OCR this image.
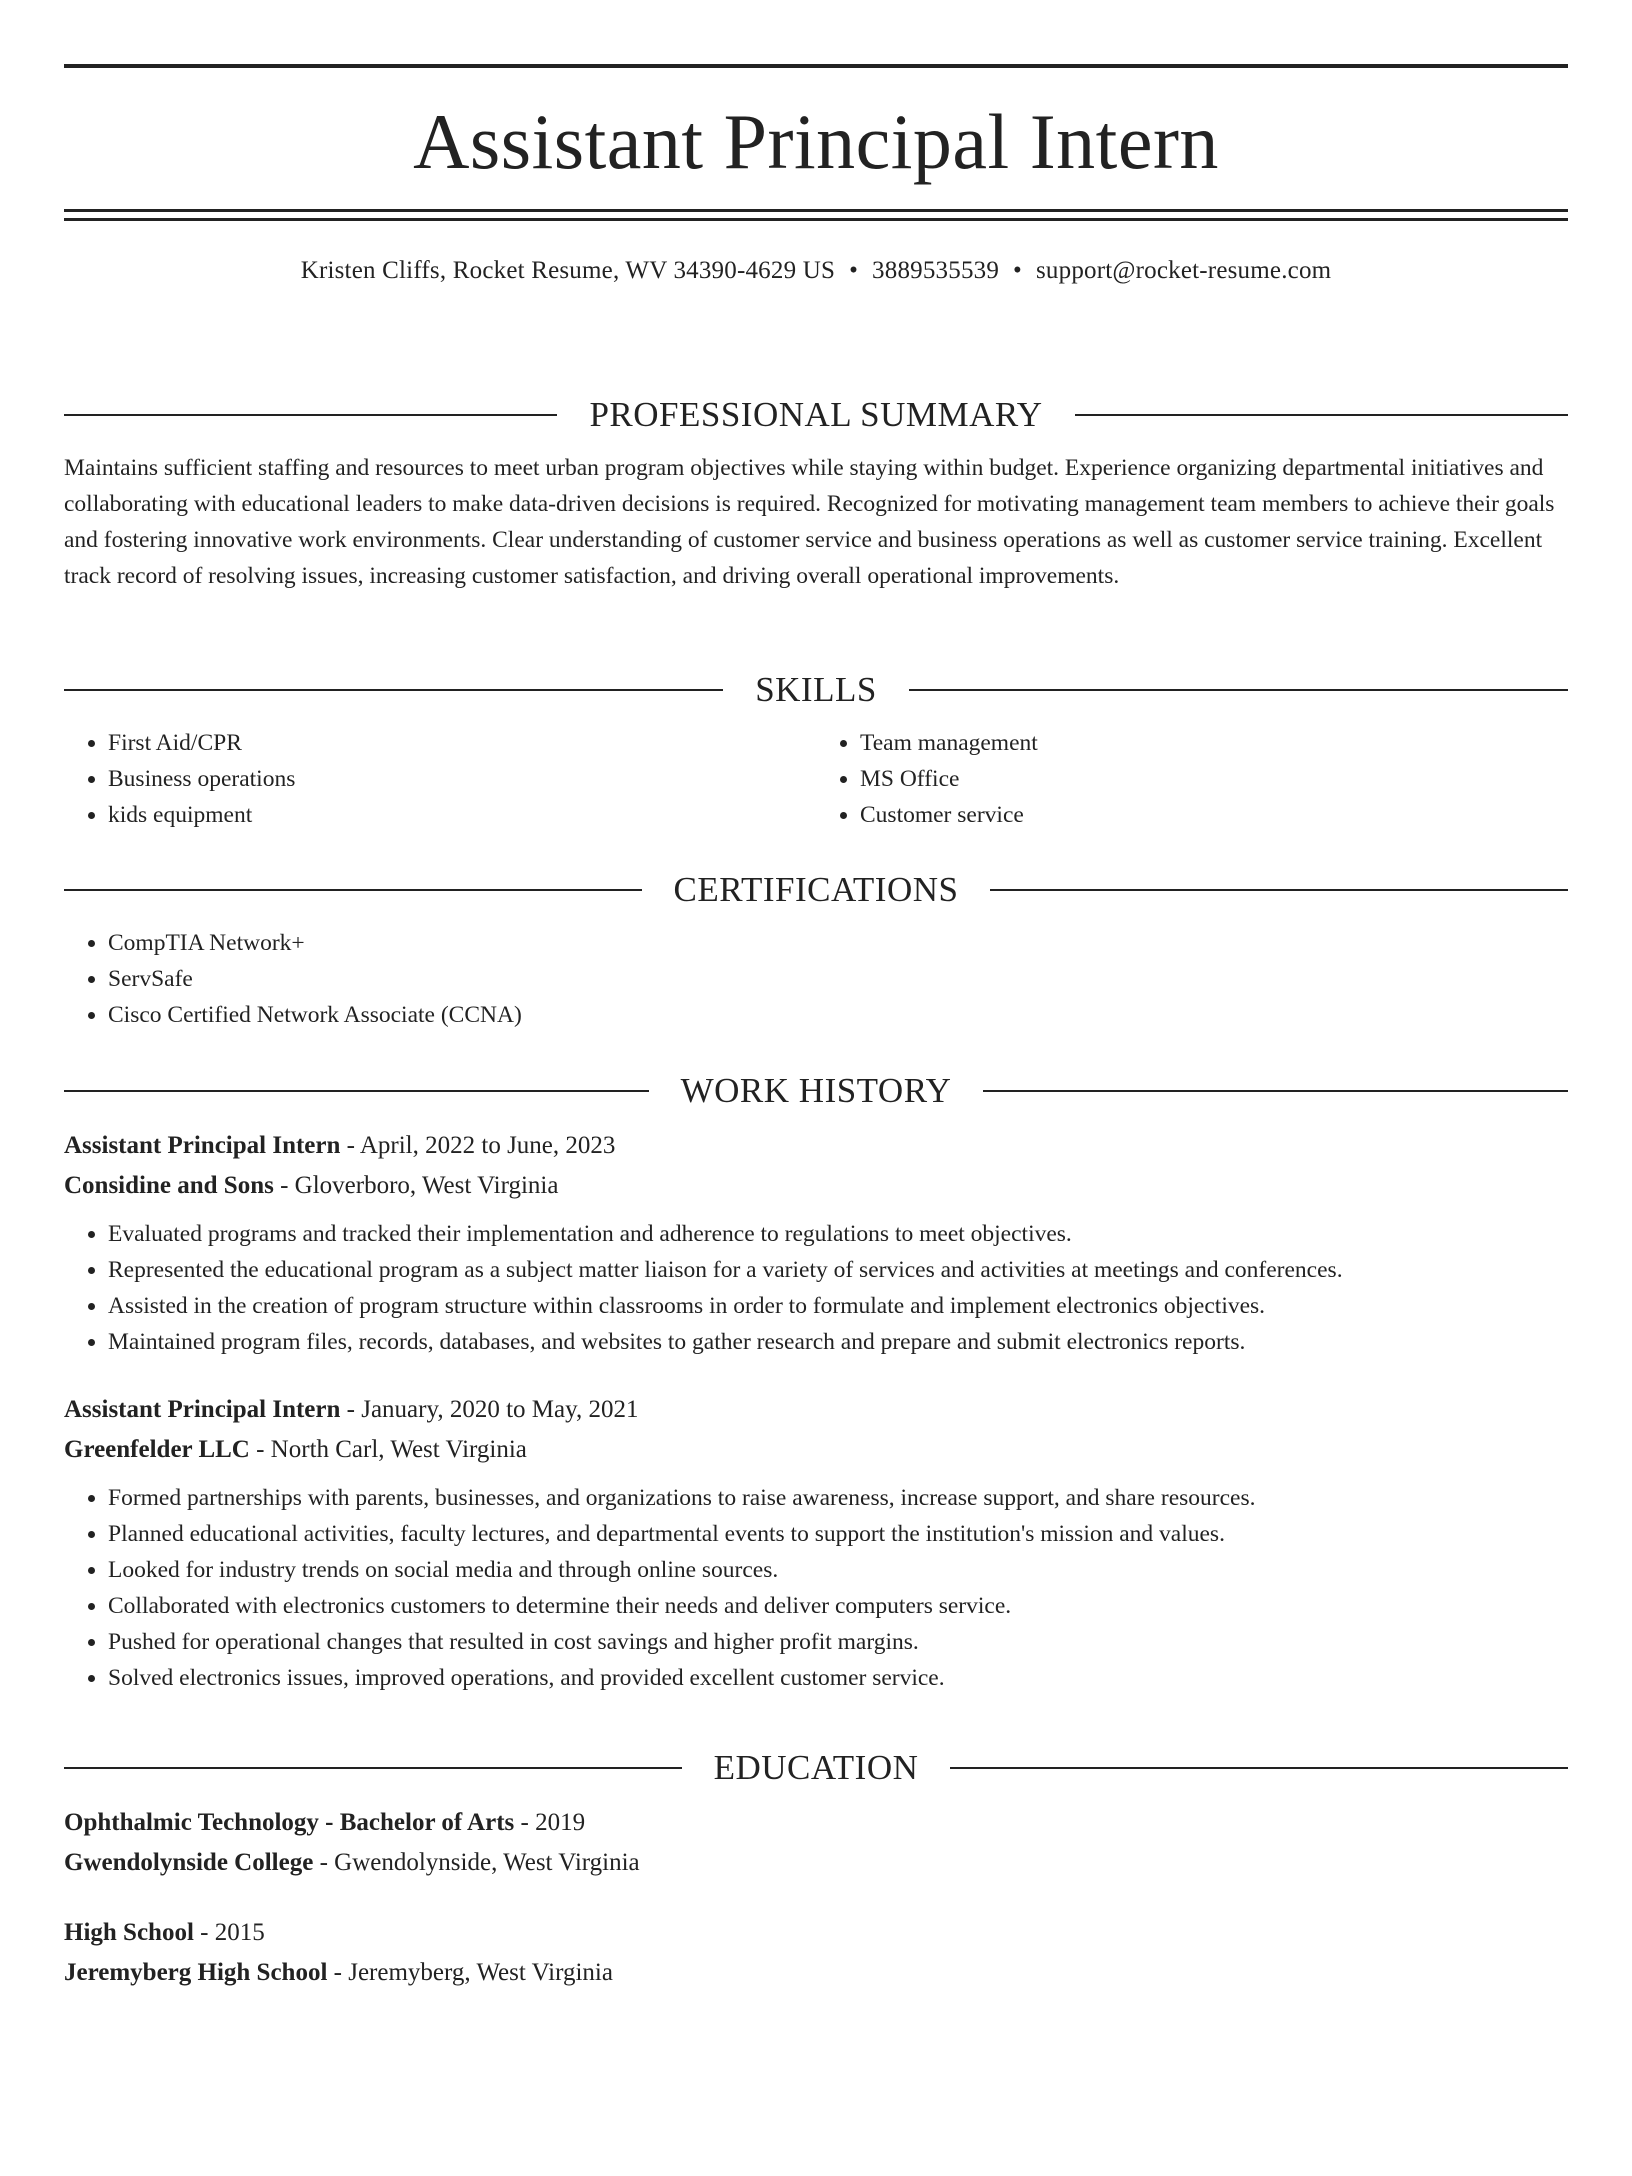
Assistant Principal Intern
Kristen Cliffs, Rocket Resume, WV 34390-4629 US • 3889535539 • support@rocket-resume.com
PROFESSIONAL SUMMARY

Maintains sufficient staffing and resources to meet urban program objectives while staying within budget. Experience organizing departmental initiatives and collaborating with educational leaders to make data-driven decisions is required. Recognized for motivating management team members to achieve their goals and fostering innovative work environments. Clear understanding of customer service and business operations as well as customer service training. Excellent track record of resolving issues, increasing customer satisfaction, and driving overall operational improvements.

SKILLS
• First Aid/CPR
• Business operations
• kids equipment
• Team management
• MS Office
• Customer service
CERTIFICATIONS
• CompTIA Network+
• ServSafe
• Cisco Certified Network Associate (CCNA)
WORK HISTORY
Assistant Principal Intern - April, 2022 to June, 2023
Considine and Sons - Gloverboro, West Virginia
• Evaluated programs and tracked their implementation and adherence to regulations to meet objectives.
• Represented the educational program as a subject matter liaison for a variety of services and activities at meetings and conferences.
• Assisted in the creation of program structure within classrooms in order to formulate and implement electronics objectives.
• Maintained program files, records, databases, and websites to gather research and prepare and submit electronics reports.
Assistant Principal Intern - January, 2020 to May, 2021
Greenfelder LLC - North Carl, West Virginia
• Formed partnerships with parents, businesses, and organizations to raise awareness, increase support, and share resources.
• Planned educational activities, faculty lectures, and departmental events to support the institution's mission and values.
• Looked for industry trends on social media and through online sources.
• Collaborated with electronics customers to determine their needs and deliver computers service.
• Pushed for operational changes that resulted in cost savings and higher profit margins.
• Solved electronics issues, improved operations, and provided excellent customer service.
EDUCATION
Ophthalmic Technology - Bachelor of Arts - 2019
Gwendolynside College - Gwendolynside, West Virginia
High School - 2015
Jeremyberg High School - Jeremyberg, West Virginia
